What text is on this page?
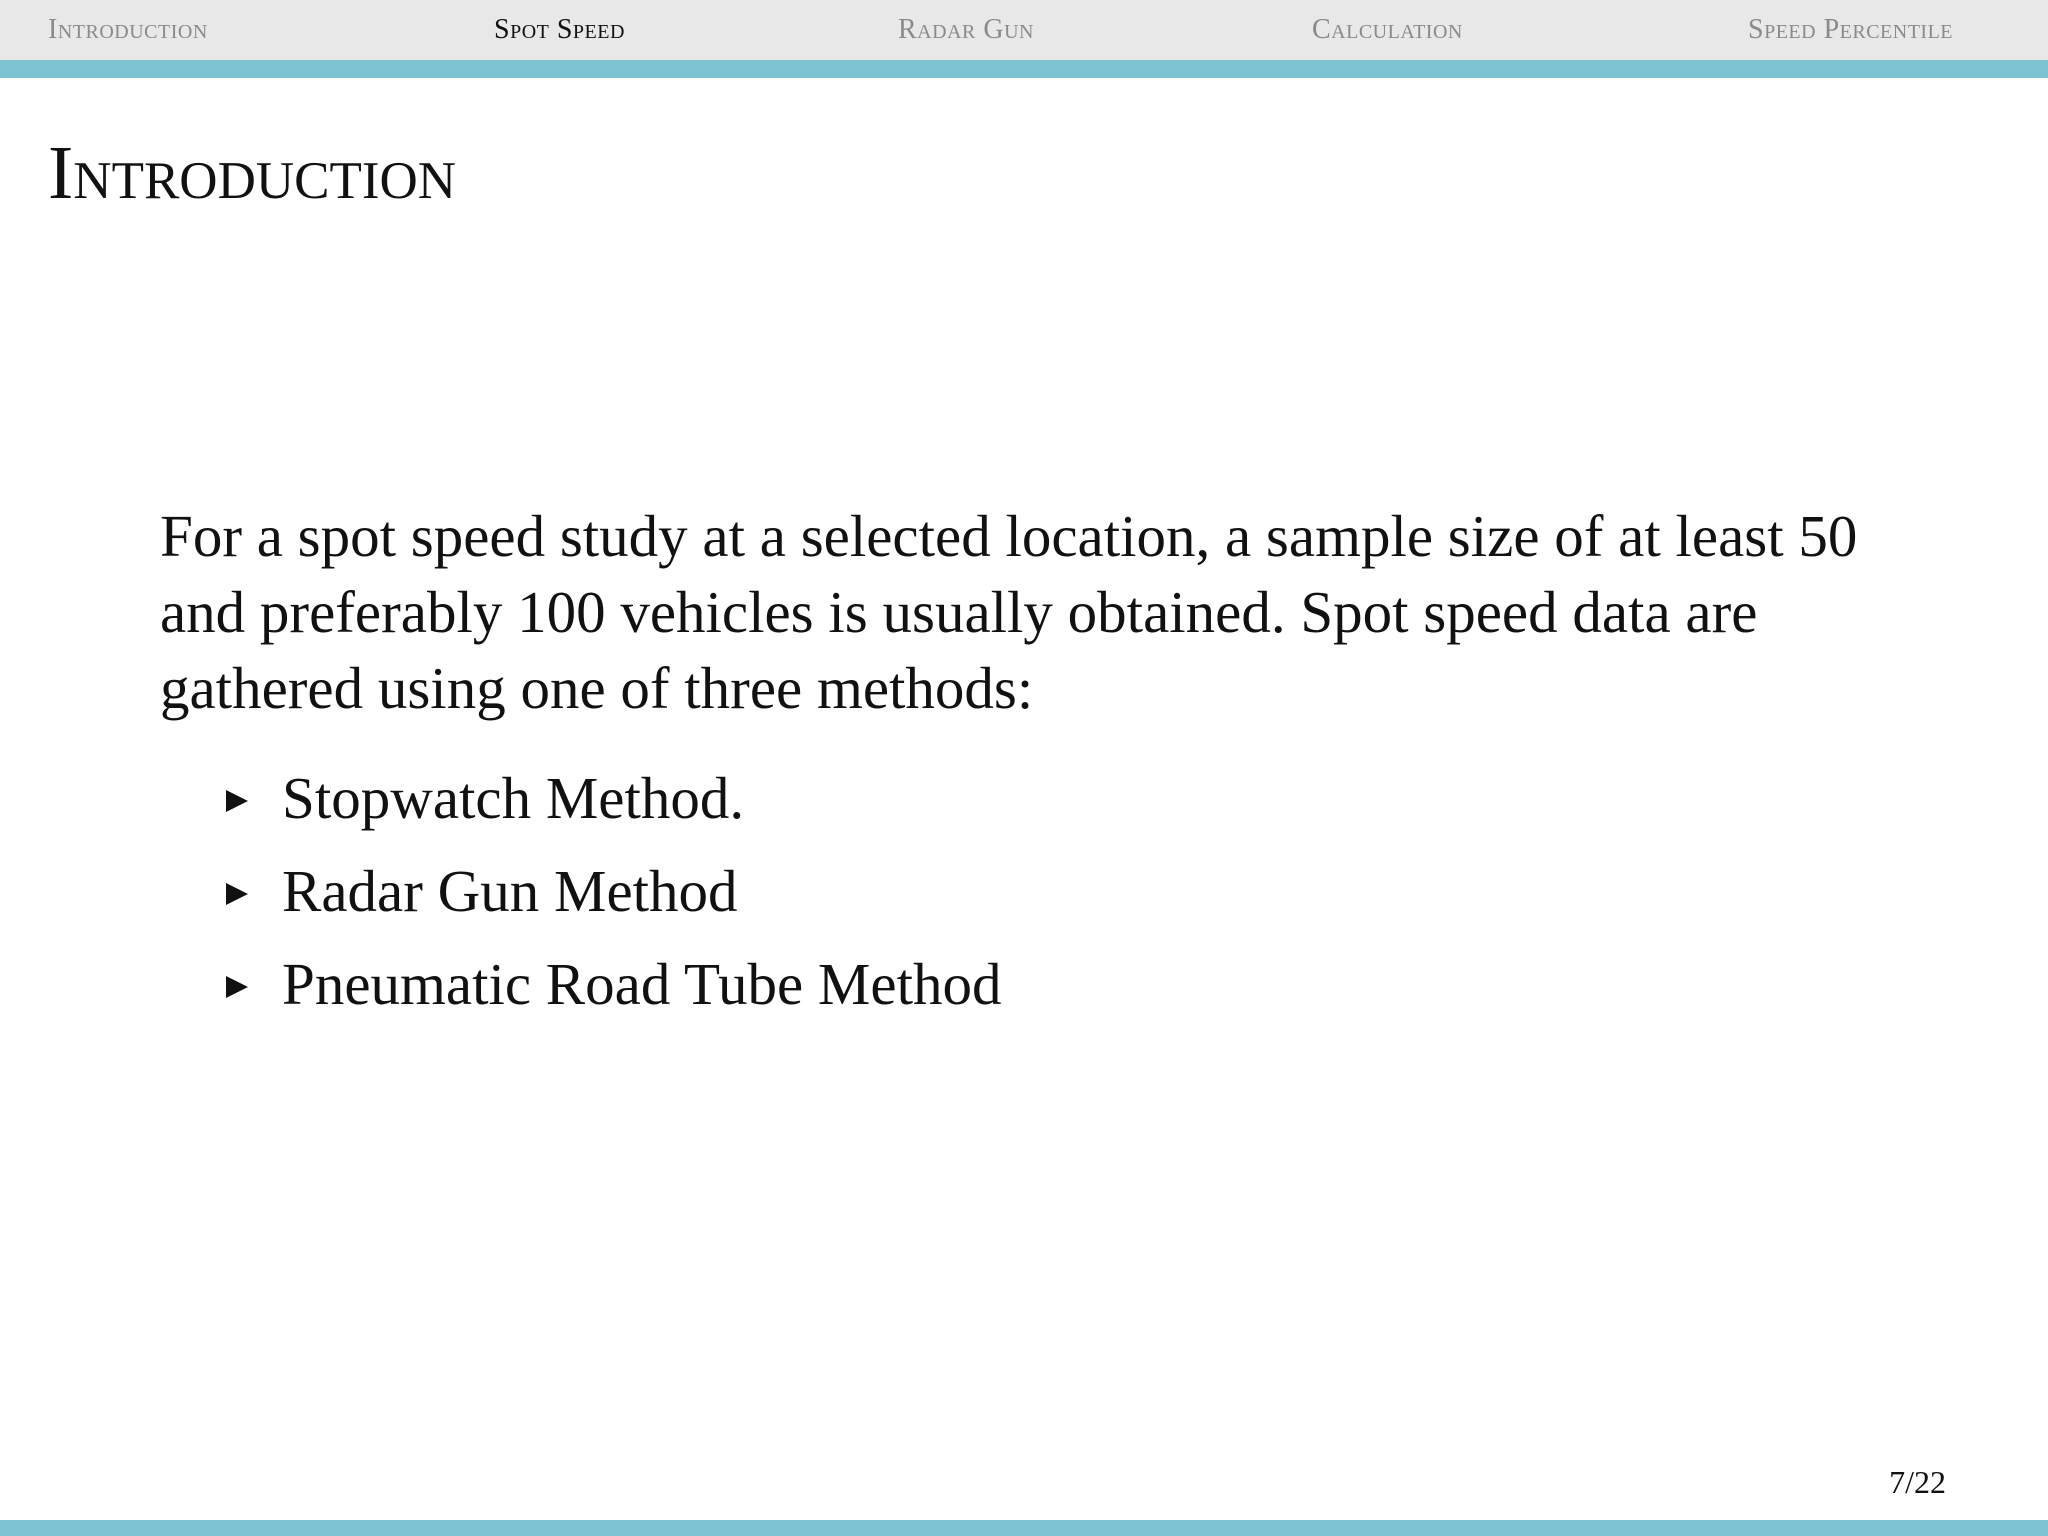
Introduction	Spot Speed	Radar Gun	Calculation	Speed Percentile
Introduction

For a spot speed study at a selected location, a sample size of at least 50 and preferably 100 vehicles is usually obtained. Spot speed data are gathered using one of three methods:

Stopwatch Method.
Radar Gun Method
Pneumatic Road Tube Method
7/22
